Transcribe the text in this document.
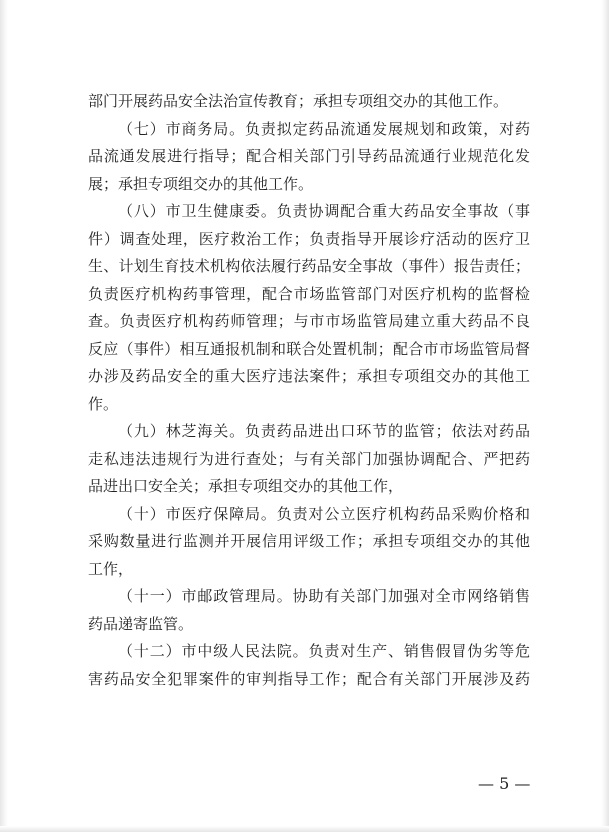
部门开展药品安全法治宣传教育；承担专项组交办的其他工作。
（七）市商务局。负责拟定药品流通发展规划和政策，对药
品流通发展进行指导；配合相关部门引导药品流通行业规范化发
展；承担专项组交办的其他工作。
（八）市卫生健康委。负责协调配合重大药品安全事故（事
件）调查处理，医疗救治工作；负责指导开展诊疗活动的医疗卫
生、计划生育技术机构依法履行药品安全事故（事件）报告责任；
负责医疗机构药事管理，配合市场监管部门对医疗机构的监督检
查。负责医疗机构药师管理；与市市场监管局建立重大药品不良
反应（事件）相互通报机制和联合处置机制；配合市市场监管局督
办涉及药品安全的重大医疗违法案件；承担专项组交办的其他工
作。
（九）林芝海关。负责药品进出口环节的监管；依法对药品
走私违法违规行为进行查处；与有关部门加强协调配合、严把药
品进出口安全关；承担专项组交办的其他工作，
（十）市医疗保障局。负责对公立医疗机构药品采购价格和
采购数量进行监测并开展信用评级工作；承担专项组交办的其他
工作，
（十一）市邮政管理局。协助有关部门加强对全市网络销售
药品递寄监管。
（十二）市中级人民法院。负责对生产、销售假冒伪劣等危
害药品安全犯罪案件的审判指导工作；配合有关部门开展涉及药
— 5 —
